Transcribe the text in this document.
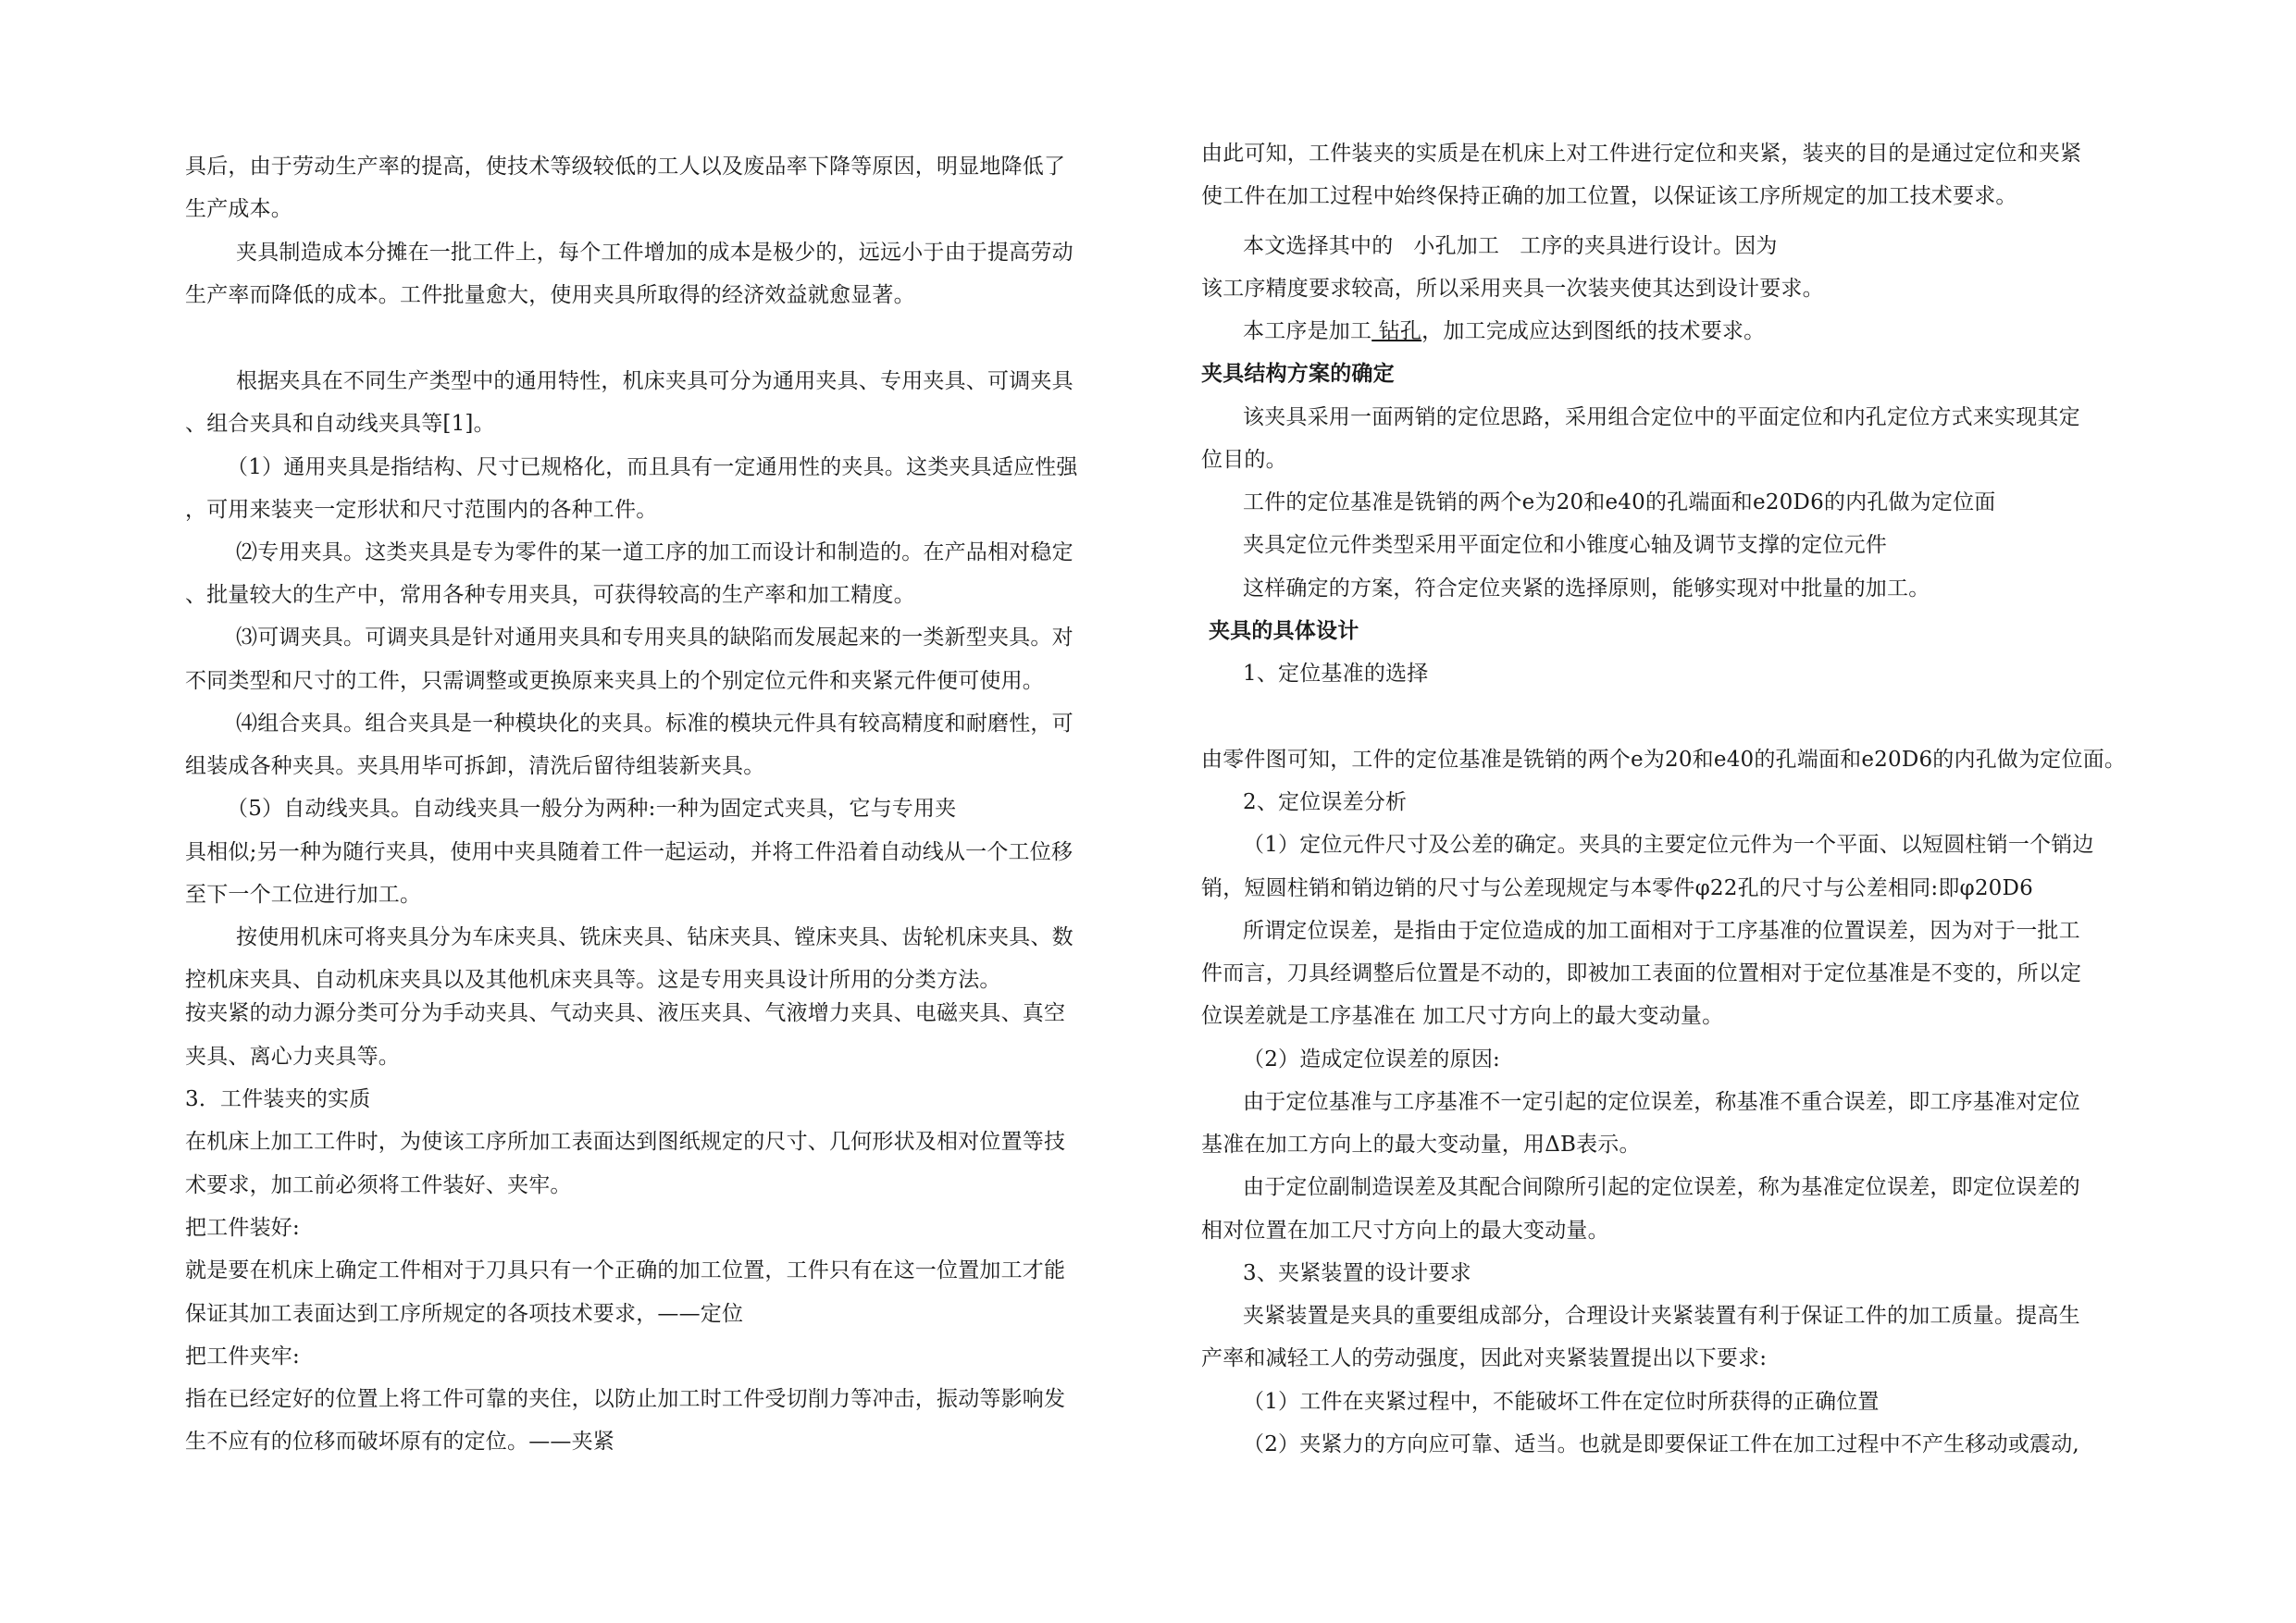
具后，由于劳动生产率的提高，使技术等级较低的工人以及废品率下降等原因，明显地降低了
生产成本。
夹具制造成本分摊在一批工件上，每个工件增加的成本是极少的，远远小于由于提高劳动
生产率而降低的成本。工件批量愈大，使用夹具所取得的经济效益就愈显著。
根据夹具在不同生产类型中的通用特性，机床夹具可分为通用夹具、专用夹具、可调夹具
、组合夹具和自动线夹具等[1]。
（1）通用夹具是指结构、尺寸已规格化，而且具有一定通用性的夹具。这类夹具适应性强
，可用来装夹一定形状和尺寸范围内的各种工件。
⑵专用夹具。这类夹具是专为零件的某一道工序的加工而设计和制造的。在产品相对稳定
、批量较大的生产中，常用各种专用夹具，可获得较高的生产率和加工精度。
⑶可调夹具。可调夹具是针对通用夹具和专用夹具的缺陷而发展起来的一类新型夹具。对
不同类型和尺寸的工件，只需调整或更换原来夹具上的个别定位元件和夹紧元件便可使用。
⑷组合夹具。组合夹具是一种模块化的夹具。标准的模块元件具有较高精度和耐磨性，可
组装成各种夹具。夹具用毕可拆卸，清洗后留待组装新夹具。
（5）自动线夹具。自动线夹具一般分为两种:一种为固定式夹具，它与专用夹
具相似;另一种为随行夹具，使用中夹具随着工件一起运动，并将工件沿着自动线从一个工位移
至下一个工位进行加工。
按使用机床可将夹具分为车床夹具、铣床夹具、钻床夹具、镗床夹具、齿轮机床夹具、数
控机床夹具、自动机床夹具以及其他机床夹具等。这是专用夹具设计所用的分类方法。
按夹紧的动力源分类可分为手动夹具、气动夹具、液压夹具、气液增力夹具、电磁夹具、真空
夹具、离心力夹具等。
3．工件装夹的实质
在机床上加工工件时，为使该工序所加工表面达到图纸规定的尺寸、几何形状及相对位置等技
术要求，加工前必须将工件装好、夹牢。
把工件装好:
就是要在机床上确定工件相对于刀具只有一个正确的加工位置，工件只有在这一位置加工才能
保证其加工表面达到工序所规定的各项技术要求，——定位
把工件夹牢:
指在已经定好的位置上将工件可靠的夹住，以防止加工时工件受切削力等冲击，振动等影响发
生不应有的位移而破坏原有的定位。——夹紧
由此可知，工件装夹的实质是在机床上对工件进行定位和夹紧，装夹的目的是通过定位和夹紧
使工件在加工过程中始终保持正确的加工位置，以保证该工序所规定的加工技术要求。
本文选择其中的 小孔加工 工序的夹具进行设计。因为
该工序精度要求较高，所以采用夹具一次装夹使其达到设计要求。
本工序是加工 钻孔，加工完成应达到图纸的技术要求。
夹具结构方案的确定
该夹具采用一面两销的定位思路，采用组合定位中的平面定位和内孔定位方式来实现其定
位目的。
工件的定位基准是铣销的两个e为20和e40的孔端面和e20D6的内孔做为定位面
夹具定位元件类型采用平面定位和小锥度心轴及调节支撑的定位元件
这样确定的方案，符合定位夹紧的选择原则，能够实现对中批量的加工。
夹具的具体设计
1、定位基准的选择
由零件图可知，工件的定位基准是铣销的两个e为20和e40的孔端面和e20D6的内孔做为定位面。
2、定位误差分析
（1）定位元件尺寸及公差的确定。夹具的主要定位元件为一个平面、以短圆柱销一个销边
销，短圆柱销和销边销的尺寸与公差现规定与本零件φ22孔的尺寸与公差相同:即φ20D6
所谓定位误差，是指由于定位造成的加工面相对于工序基准的位置误差，因为对于一批工
件而言，刀具经调整后位置是不动的，即被加工表面的位置相对于定位基准是不变的，所以定
位误差就是工序基准在 加工尺寸方向上的最大变动量。
（2）造成定位误差的原因:
由于定位基准与工序基准不一定引起的定位误差，称基准不重合误差，即工序基准对定位
基准在加工方向上的最大变动量，用ΔB表示。
由于定位副制造误差及其配合间隙所引起的定位误差，称为基准定位误差，即定位误差的
相对位置在加工尺寸方向上的最大变动量。
3、夹紧装置的设计要求
夹紧装置是夹具的重要组成部分，合理设计夹紧装置有利于保证工件的加工质量。提高生
产率和减轻工人的劳动强度，因此对夹紧装置提出以下要求:
（1）工件在夹紧过程中，不能破坏工件在定位时所获得的正确位置
（2）夹紧力的方向应可靠、适当。也就是即要保证工件在加工过程中不产生移动或震动,
